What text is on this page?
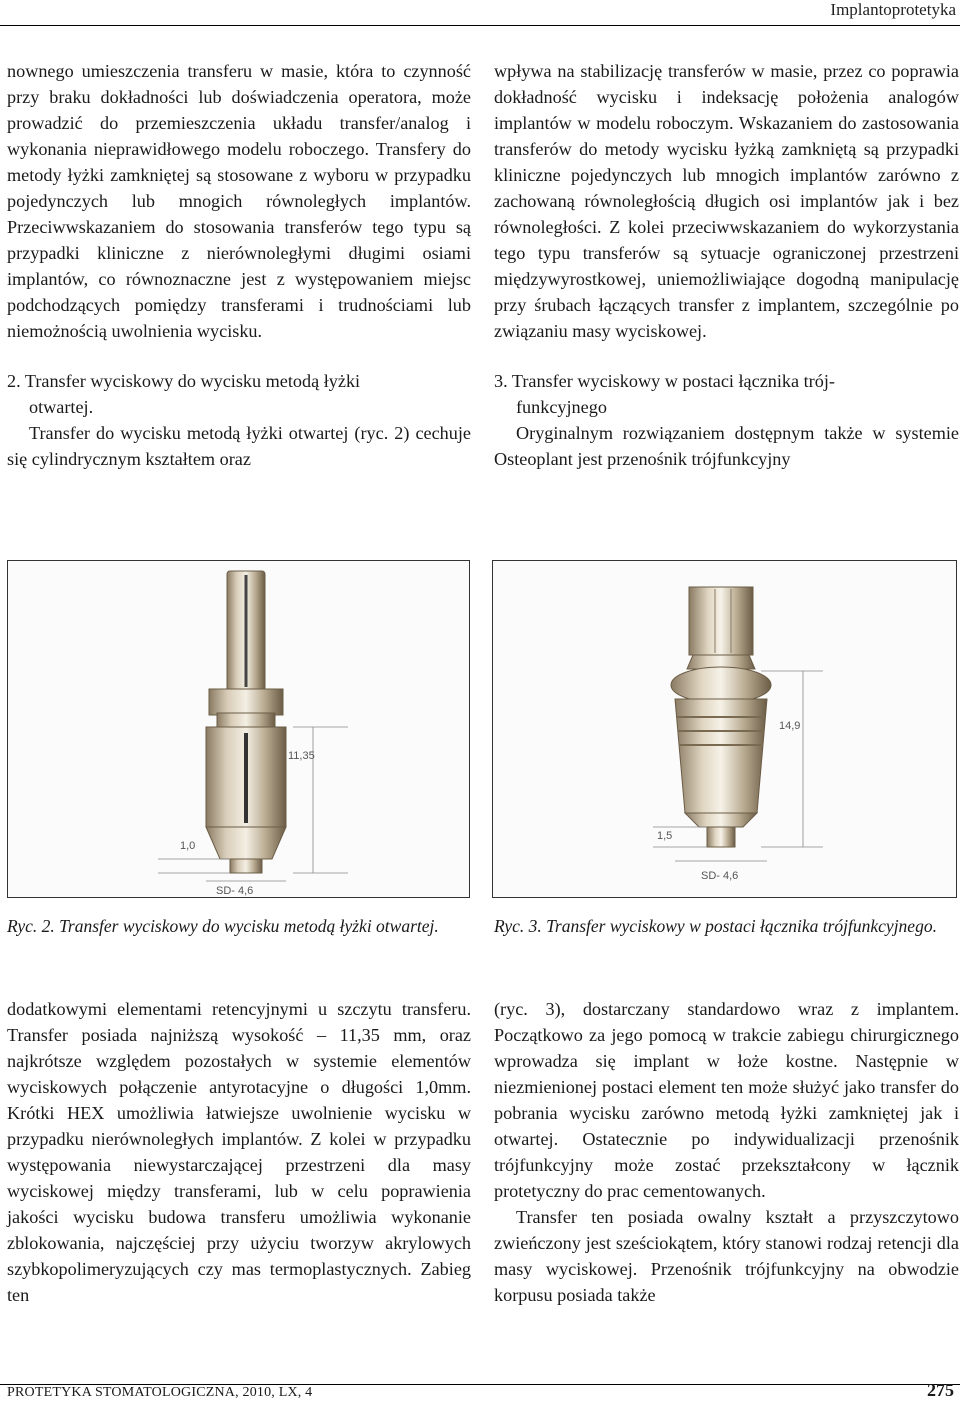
Implantoprotetyka

nownego umieszczenia transferu w masie, która to czynność przy braku dokładności lub doświadczenia operatora, może prowadzić do przemieszczenia układu transfer/analog i wykonania nieprawidłowego modelu roboczego. Transfery do metody łyżki zamkniętej są stosowane z wyboru w przypadku pojedynczych lub mnogich równoległych implantów. Przeciwwskazaniem do stosowania transferów tego typu są przypadki kliniczne z nierównoległymi długimi osiami implantów, co równoznaczne jest z występowaniem miejsc podchodzących pomiędzy transferami i trudnościami lub niemożnością uwolnienia wycisku.

2. Transfer wyciskowy do wycisku metodą łyżki
otwartej.

Transfer do wycisku metodą łyżki otwartej (ryc. 2) cechuje się cylindrycznym kształtem oraz

wpływa na stabilizację transferów w masie, przez co poprawia dokładność wycisku i indeksację położenia analogów implantów w modelu roboczym. Wskazaniem do zastosowania transferów do metody wycisku łyżką zamkniętą są przypadki kliniczne pojedynczych lub mnogich implantów zarówno z zachowaną równoległością długich osi implantów jak i bez równoległości. Z kolei przeciwwskazaniem do wykorzystania tego typu transferów są sytuacje ograniczonej przestrzeni międzywyrostkowej, uniemożliwiające dogodną manipulację przy śrubach łączących transfer z implantem, szczególnie po związaniu masy wyciskowej.

3. Transfer wyciskowy w postaci łącznika trój-
funkcyjnego

Oryginalnym rozwiązaniem dostępnym także w systemie Osteoplant jest przenośnik trójfunkcyjny

11,35
1,0
SD- 4,6

Ryc. 2. Transfer wyciskowy do wycisku metodą łyżki otwartej.

14,9
1,5
SD- 4,6

Ryc. 3. Transfer wyciskowy w postaci łącznika trójfunkcyjnego.

dodatkowymi elementami retencyjnymi u szczytu transferu. Transfer posiada najniższą wysokość – 11,35 mm, oraz najkrótsze względem pozostałych w systemie elementów wyciskowych połączenie antyrotacyjne o długości 1,0mm. Krótki HEX umożliwia łatwiejsze uwolnienie wycisku w przypadku nierównoległych implantów. Z kolei w przypadku występowania niewystarczającej przestrzeni dla masy wyciskowej między transferami, lub w celu poprawienia jakości wycisku budowa transferu umożliwia wykonanie zblokowania, najczęściej przy użyciu tworzyw akrylowych szybkopolimeryzujących czy mas termoplastycznych. Zabieg ten

(ryc. 3), dostarczany standardowo wraz z implantem. Początkowo za jego pomocą w trakcie zabiegu chirurgicznego wprowadza się implant w łoże kostne. Następnie w niezmienionej postaci element ten może służyć jako transfer do pobrania wycisku zarówno metodą łyżki zamkniętej jak i otwartej. Ostatecznie po indywidualizacji przenośnik trójfunkcyjny może zostać przekształcony w łącznik protetyczny do prac cementowanych.

Transfer ten posiada owalny kształt a przyszczytowo zwieńczony jest sześciokątem, który stanowi rodzaj retencji dla masy wyciskowej. Przenośnik trójfunkcyjny na obwodzie korpusu posiada także

PROTETYKA STOMATOLOGICZNA, 2010, LX, 4	275
